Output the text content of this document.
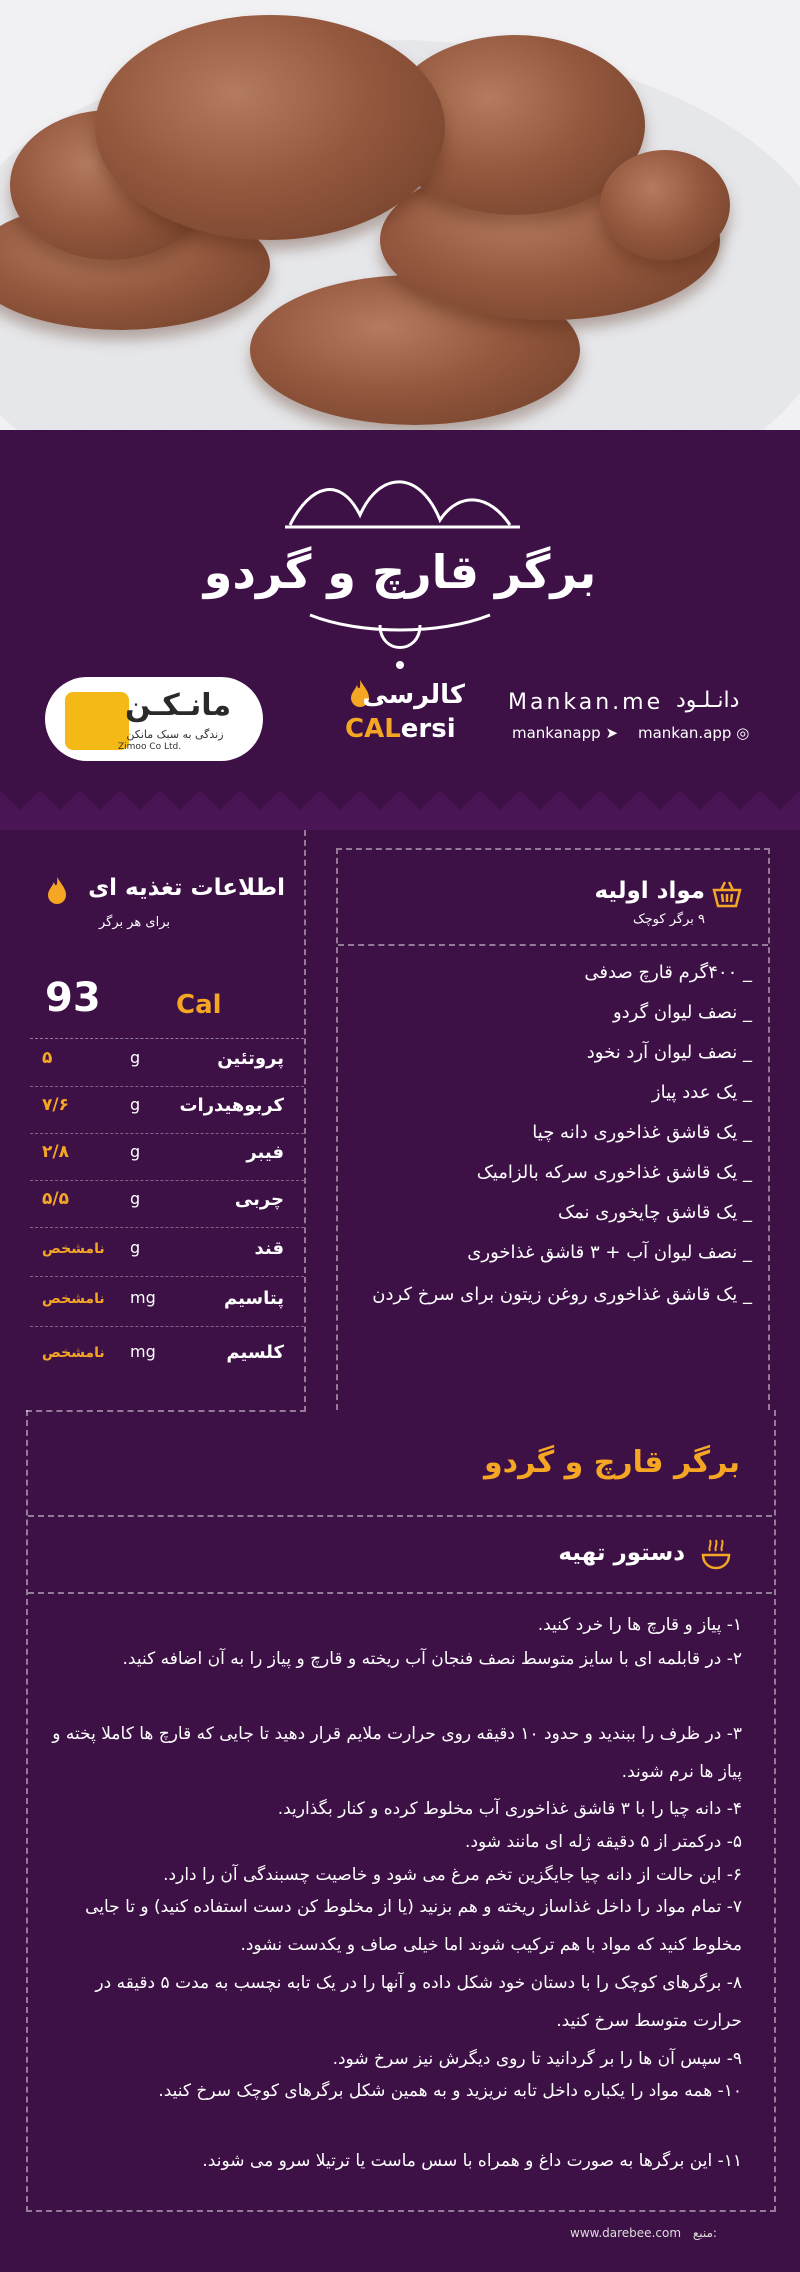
برگر قارچ و گردو
مانـکـن
زندگی به سبک مانکن
Zimoo Co Ltd.
کالرسی
CALersi
Mankan.me دانـلـود
mankanapp ➤ mankan.app ◎
اطلاعات تغذیه ای
برای هر برگر
93	Cal
پروتئین
g
۵
کربوهیدرات
g
۷/۶
فیبر
g
۲/۸
چربی
g
۵/۵
قند
g
نامشخص
پتاسیم
mg
نامشخص
کلسیم
mg
نامشخص
مواد اولیه
۹ برگر کوچک
_ ۴۰۰گرم قارچ صدفی
_ نصف لیوان گردو
_ نصف لیوان آرد نخود
_ یک عدد پیاز
_ یک قاشق غذاخوری دانه چیا
_ یک قاشق غذاخوری سرکه بالزامیک
_ یک قاشق چایخوری نمک
_ نصف لیوان آب + ۳ قاشق غذاخوری
_ یک قاشق غذاخوری روغن زیتون برای سرخ کردن
برگر قارچ و گردو
دستور تهیه
۱- پیاز و قارچ ها را خرد کنید.
۲- در قابلمه ای با سایز متوسط نصف فنجان آب ریخته و قارچ و پیاز را به آن اضافه کنید.
۳- در ظرف را ببندید و حدود ۱۰ دقیقه روی حرارت ملایم قرار دهید تا جایی که قارچ ها کاملا پخته و پیاز ها نرم شوند.
۴- دانه چیا را با ۳ قاشق غذاخوری آب مخلوط کرده و کنار بگذارید.
۵- درکمتر از ۵ دقیقه ژله ای مانند شود.
۶- این حالت از دانه چیا جایگزین تخم مرغ می شود و خاصیت چسبندگی آن را دارد.
۷- تمام مواد را داخل غذاساز ریخته و هم بزنید (یا از مخلوط کن دست استفاده کنید) و تا جایی مخلوط کنید که مواد با هم ترکیب شوند اما خیلی صاف و یکدست نشود.
۸- برگرهای کوچک را با دستان خود شکل داده و آنها را در یک تابه نچسب به مدت ۵ دقیقه در حرارت متوسط سرخ کنید.
۹- سپس آن ها را بر گردانید تا روی دیگرش نیز سرخ شود.
۱۰- همه مواد را یکباره داخل تابه نریزید و به همین شکل برگرهای کوچک سرخ کنید.
۱۱- این برگرها به صورت داغ و همراه با سس ماست یا ترتیلا سرو می شوند.
www.darebee.com منبع:
